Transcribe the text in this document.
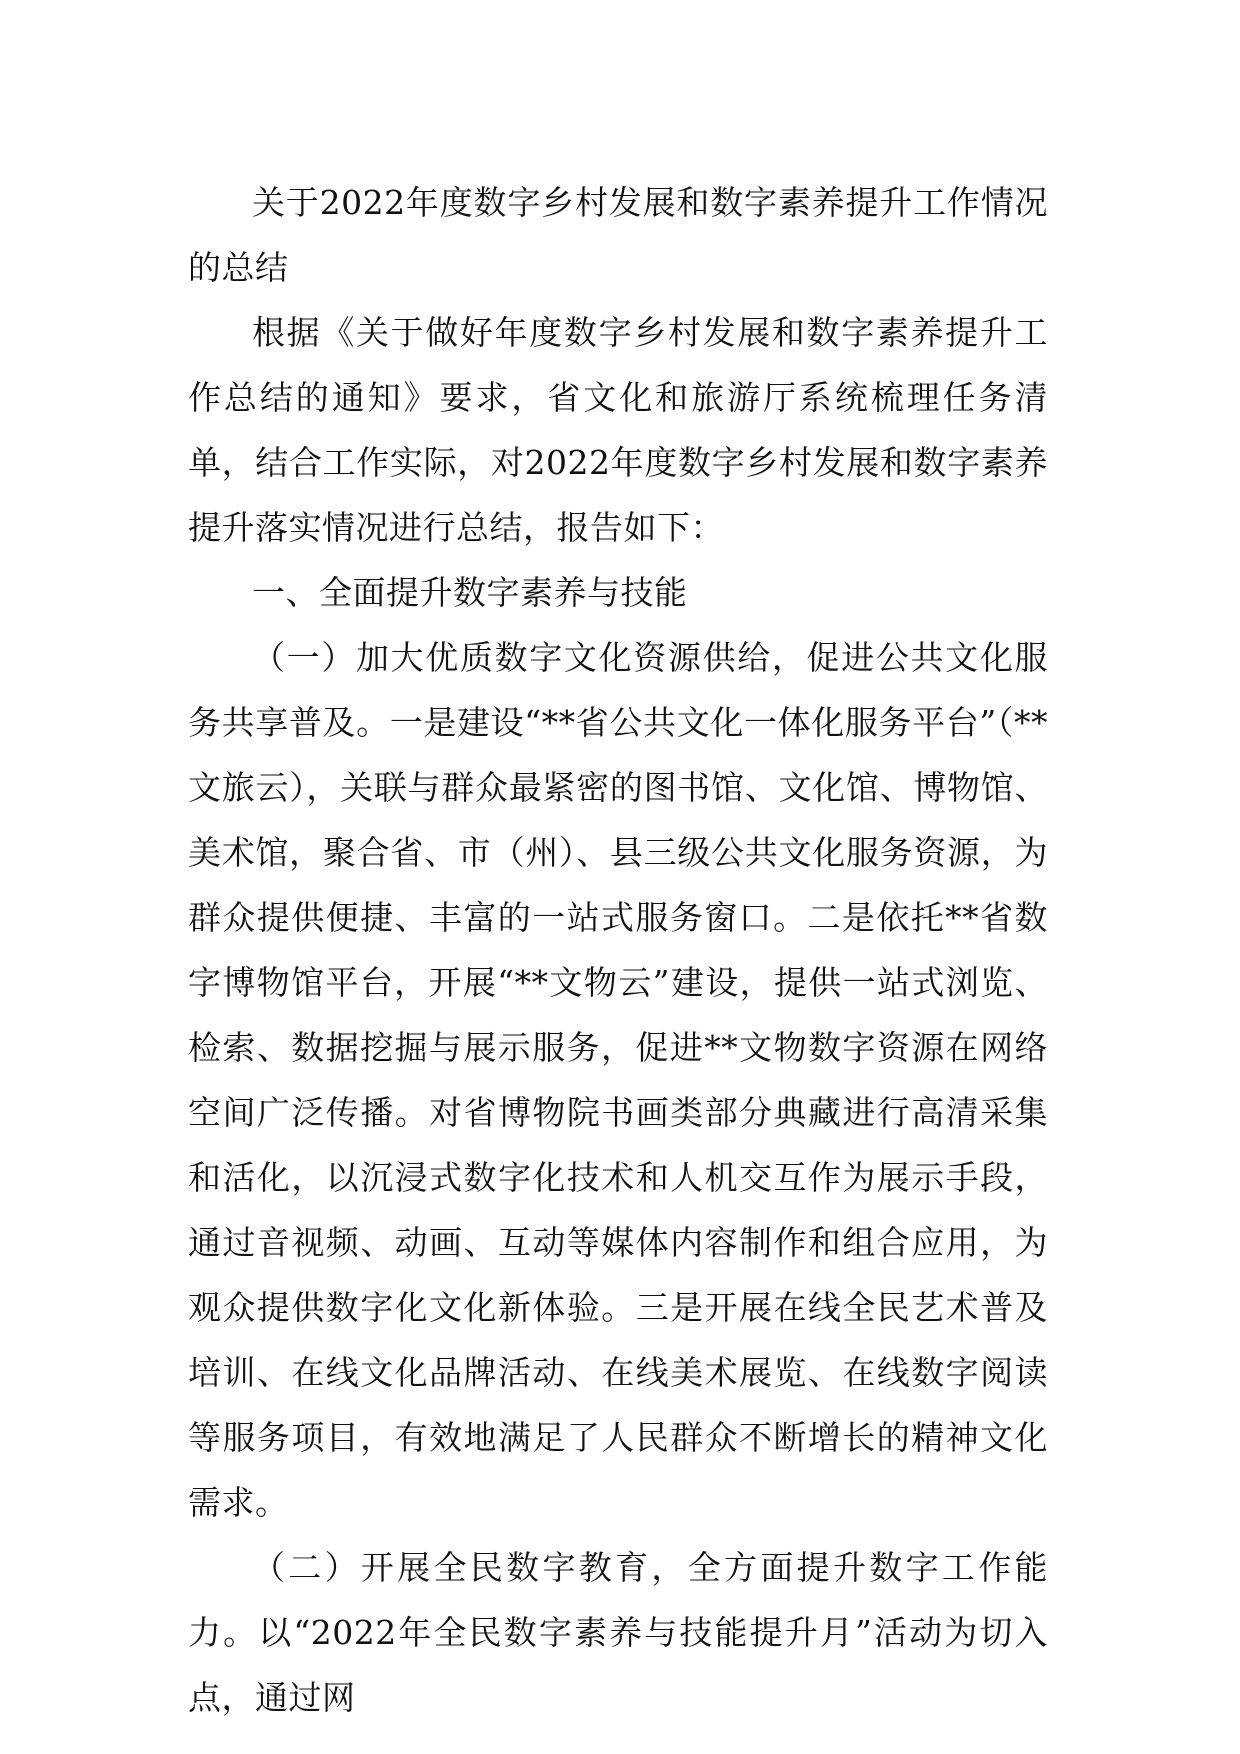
关于2022年度数字乡村发展和数字素养提升工作情况的总结

根据《关于做好年度数字乡村发展和数字素养提升工作总结的通知》要求，省文化和旅游厅系统梳理任务清单，结合工作实际，对2022年度数字乡村发展和数字素养提升落实情况进行总结，报告如下：

一、全面提升数字素养与技能

（一）加大优质数字文化资源供给，促进公共文化服务共享普及。一是建设“**省公共文化一体化服务平台”（**文旅云），关联与群众最紧密的图书馆、文化馆、博物馆、美术馆，聚合省、市（州）、县三级公共文化服务资源，为群众提供便捷、丰富的一站式服务窗口。二是依托**省数字博物馆平台，开展“**文物云”建设，提供一站式浏览、检索、数据挖掘与展示服务，促进**文物数字资源在网络空间广泛传播。对省博物院书画类部分典藏进行高清采集和活化，以沉浸式数字化技术和人机交互作为展示手段，通过音视频、动画、互动等媒体内容制作和组合应用，为观众提供数字化文化新体验。三是开展在线全民艺术普及培训、在线文化品牌活动、在线美术展览、在线数字阅读等服务项目，有效地满足了人民群众不断增长的精神文化需求。

（二）开展全民数字教育，全方面提升数字工作能力。以“2022年全民数字素养与技能提升月”活动为切入点，通过网
